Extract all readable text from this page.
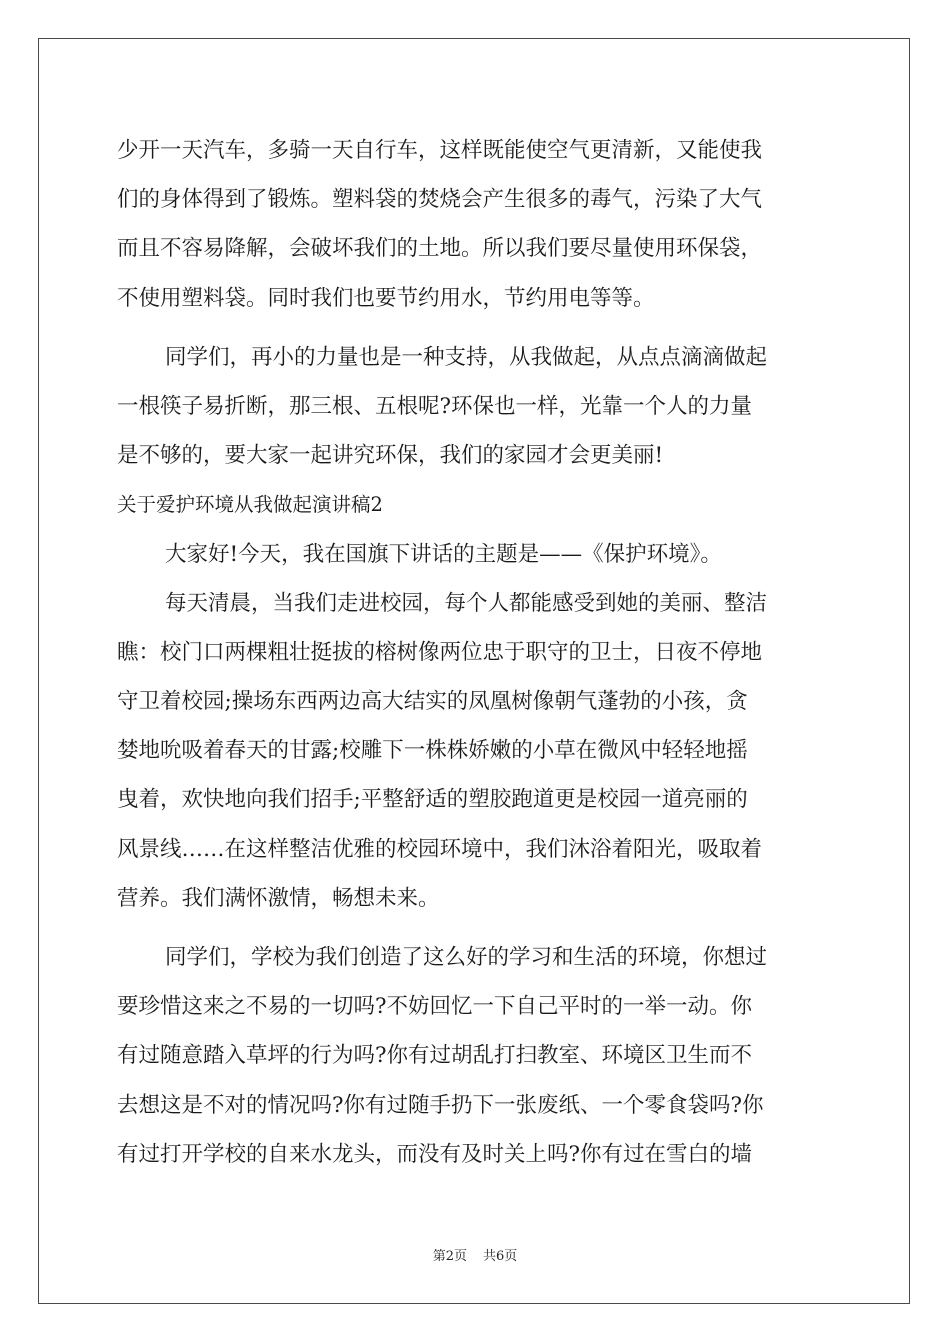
少开一天汽车，多骑一天自行车，这样既能使空气更清新，又能使我
们的身体得到了锻炼。塑料袋的焚烧会产生很多的毒气，污染了大气
而且不容易降解，会破坏我们的土地。所以我们要尽量使用环保袋，
不使用塑料袋。同时我们也要节约用水，节约用电等等。
同学们，再小的力量也是一种支持，从我做起，从点点滴滴做起
一根筷子易折断，那三根、五根呢?环保也一样，光靠一个人的力量
是不够的，要大家一起讲究环保，我们的家园才会更美丽!
关于爱护环境从我做起演讲稿2
大家好!今天，我在国旗下讲话的主题是——《保护环境》。
每天清晨，当我们走进校园，每个人都能感受到她的美丽、整洁
瞧：校门口两棵粗壮挺拔的榕树像两位忠于职守的卫士，日夜不停地
守卫着校园;操场东西两边高大结实的凤凰树像朝气蓬勃的小孩，贪
婪地吮吸着春天的甘露;校雕下一株株娇嫩的小草在微风中轻轻地摇
曳着，欢快地向我们招手;平整舒适的塑胶跑道更是校园一道亮丽的
风景线……在这样整洁优雅的校园环境中，我们沐浴着阳光，吸取着
营养。我们满怀激情，畅想未来。
同学们，学校为我们创造了这么好的学习和生活的环境，你想过
要珍惜这来之不易的一切吗?不妨回忆一下自己平时的一举一动。你
有过随意踏入草坪的行为吗?你有过胡乱打扫教室、环境区卫生而不
去想这是不对的情况吗?你有过随手扔下一张废纸、一个零食袋吗?你
有过打开学校的自来水龙头，而没有及时关上吗?你有过在雪白的墙
第2页 共6页
